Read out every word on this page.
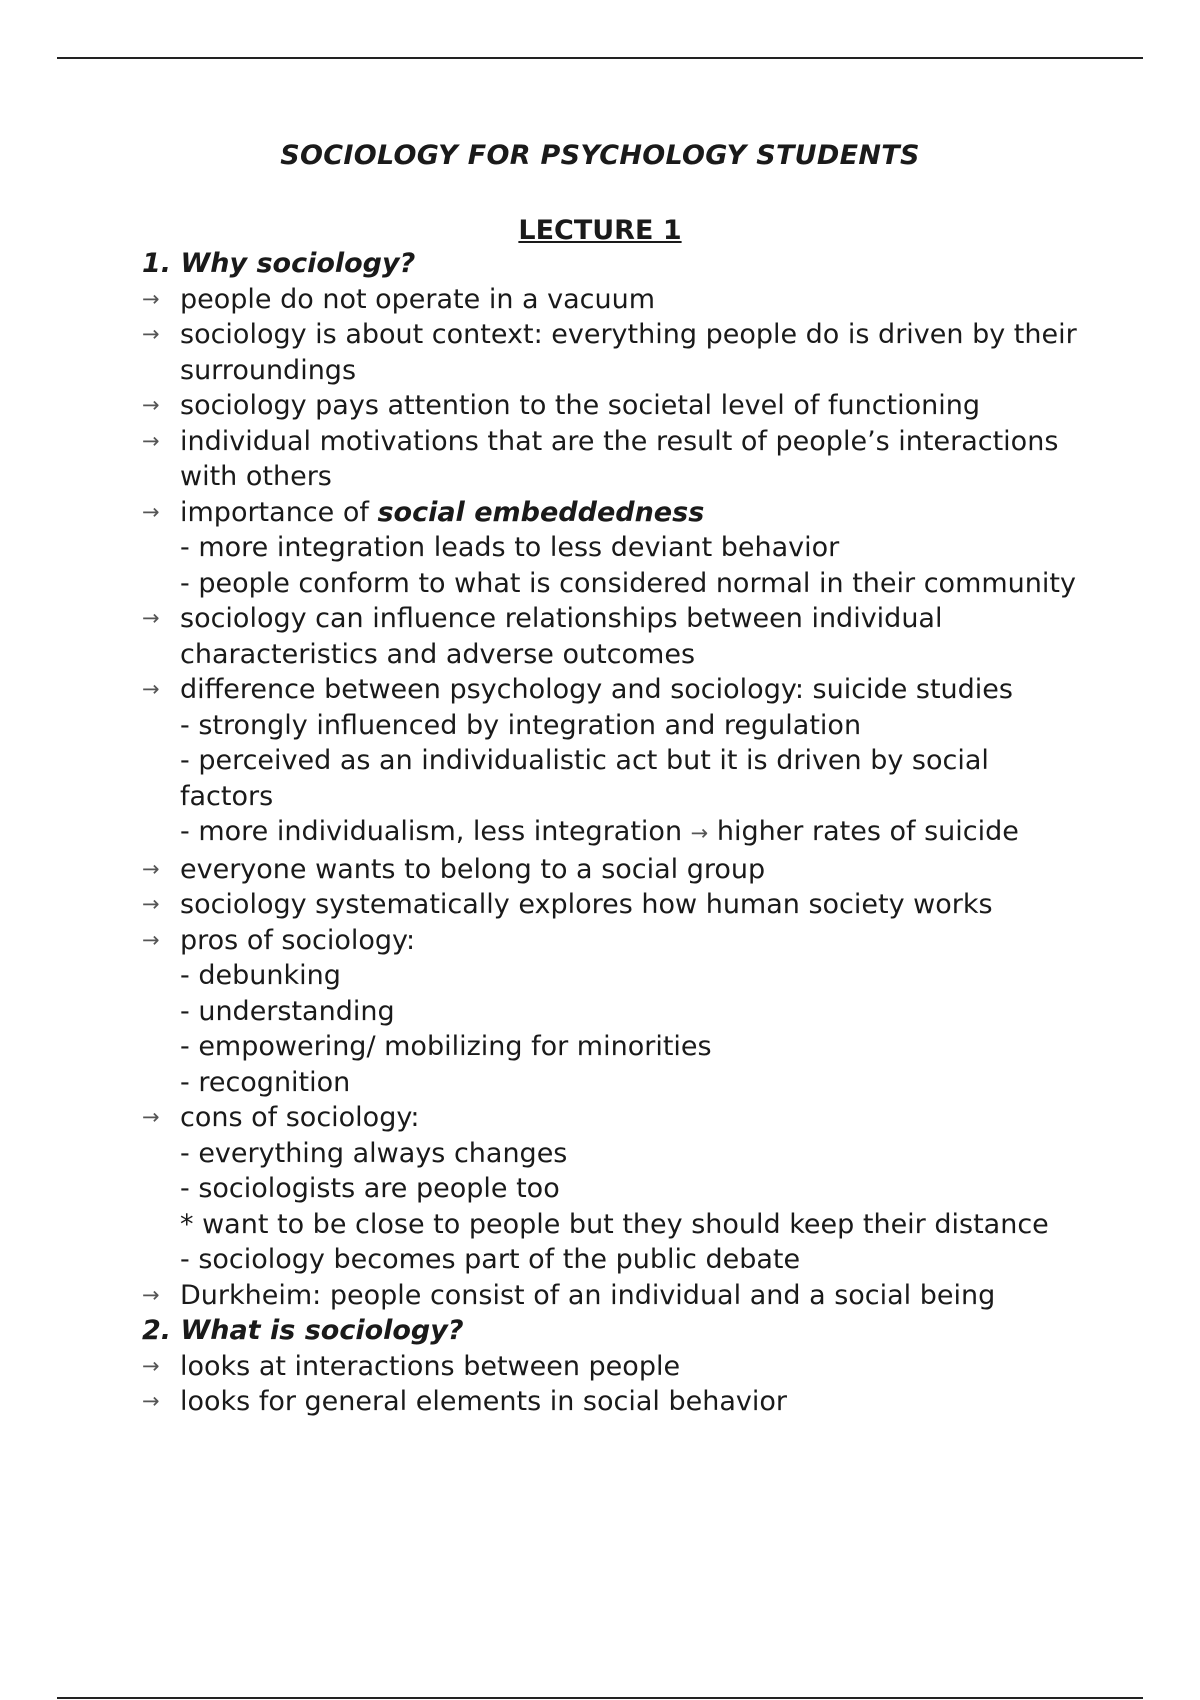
SOCIOLOGY FOR PSYCHOLOGY STUDENTS
LECTURE 1
1. Why sociology?
→ people do not operate in a vacuum
→ sociology is about context: everything people do is driven by their surroundings
→ sociology pays attention to the societal level of functioning
→ individual motivations that are the result of people’s interactions with others
→ importance of social embeddedness
- more integration leads to less deviant behavior
- people conform to what is considered normal in their community
→ sociology can influence relationships between individual characteristics and adverse outcomes
→ difference between psychology and sociology: suicide studies
- strongly influenced by integration and regulation
- perceived as an individualistic act but it is driven by social factors
- more individualism, less integration → higher rates of suicide
→ everyone wants to belong to a social group
→ sociology systematically explores how human society works
→ pros of sociology:
- debunking
- understanding
- empowering/ mobilizing for minorities
- recognition
→ cons of sociology:
- everything always changes
- sociologists are people too
* want to be close to people but they should keep their distance
- sociology becomes part of the public debate
→ Durkheim: people consist of an individual and a social being
2. What is sociology?
→ looks at interactions between people
→ looks for general elements in social behavior
